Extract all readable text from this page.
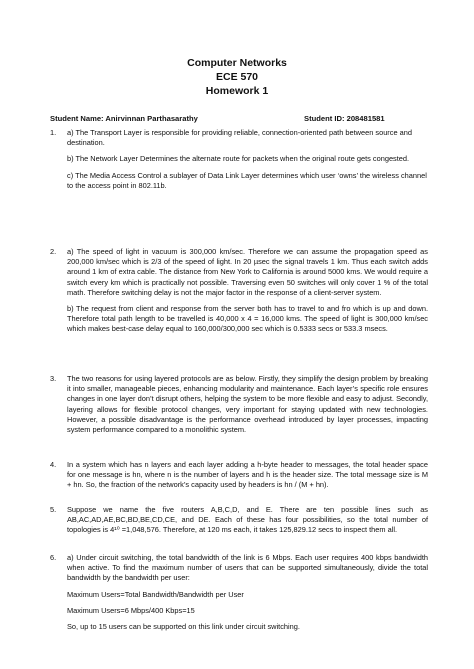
Computer Networks
ECE 570
Homework 1
Student Name: Anirvinnan Parthasarathy	Student ID: 208481581
1. a) The Transport Layer is responsible for providing reliable, connection-oriented path between source and destination.

b) The Network Layer Determines the alternate route for packets when the original route gets congested.

c) The Media Access Control a sublayer of Data Link Layer determines which user ‘owns’ the wireless channel to the access point in 802.11b.

2. a) The speed of light in vacuum is 300,000 km/sec. Therefore we can assume the propagation speed as 200,000 km/sec which is 2/3 of the speed of light. In 20 µsec the signal travels 1 km. Thus each switch adds around 1 km of extra cable. The distance from New York to California is around 5000 kms. We would require a switch every km which is practically not possible. Traversing even 50 switches will only cover 1 % of the total math. Therefore switching delay is not the major factor in the response of a client-server system.

b) The request from client and response from the server both has to travel to and fro which is up and down. Therefore total path length to be travelled is 40,000 x 4 = 16,000 kms. The speed of light is 300,000 km/sec which makes best-case delay equal to 160,000/300,000 sec which is 0.5333 secs or 533.3 msecs.

3. The two reasons for using layered protocols are as below. Firstly, they simplify the design problem by breaking it into smaller, manageable pieces, enhancing modularity and maintenance. Each layer’s specific role ensures changes in one layer don’t disrupt others, helping the system to be more flexible and easy to adjust. Secondly, layering allows for flexible protocol changes, very important for staying updated with new technologies. However, a possible disadvantage is the performance overhead introduced by layer processes, impacting system performance compared to a monolithic system.

4. In a system which has n layers and each layer adding a h-byte header to messages, the total header space for one message is hn, where n is the number of layers and h is the header size. The total message size is M + hn. So, the fraction of the network’s capacity used by headers is hn / (M + hn).

5. Suppose we name the five routers A,B,C,D, and E. There are ten possible lines such as AB,AC,AD,AE,BC,BD,BE,CD,CE, and DE. Each of these has four possibilities, so the total number of topologies is 4¹⁰ =1,048,576. Therefore, at 120 ms each, it takes 125,829.12 secs to inspect them all.

6. a) Under circuit switching, the total bandwidth of the link is 6 Mbps. Each user requires 400 kbps bandwidth when active. To find the maximum number of users that can be supported simultaneously, divide the total bandwidth by the bandwidth per user:

Maximum Users=Total Bandwidth/Bandwidth per User

Maximum Users=6 Mbps/400 Kbps=15

So, up to 15 users can be supported on this link under circuit switching.
